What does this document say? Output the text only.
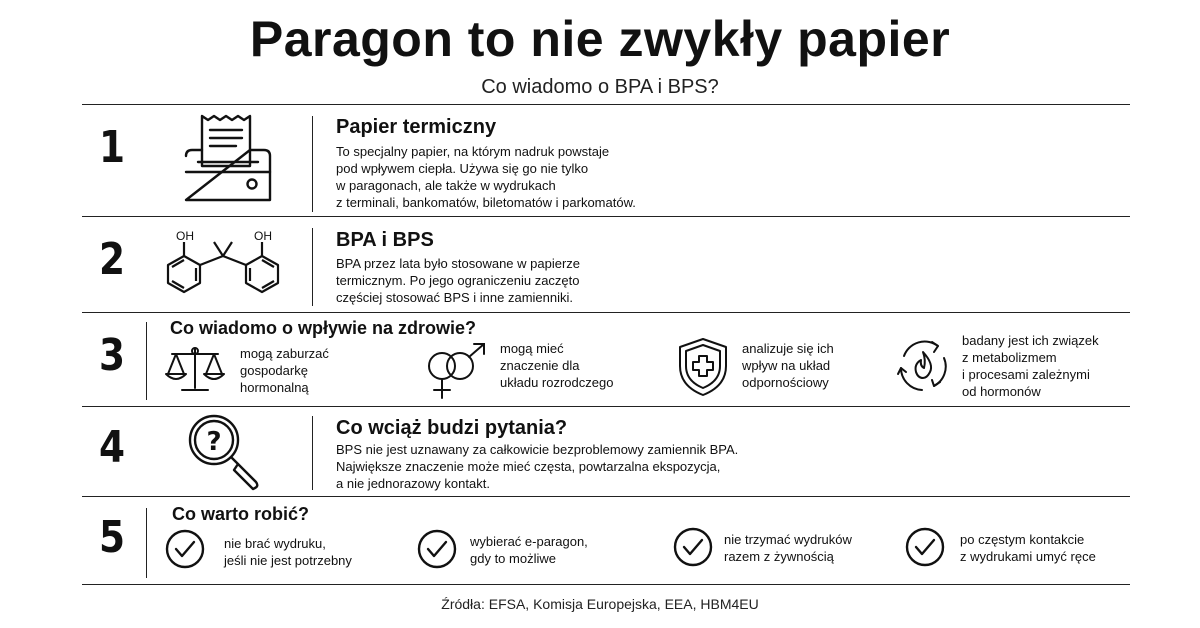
Paragon to nie zwykły papier
Co wiadomo o BPA i BPS?
1	Papier termiczny
To specjalny papier, na którym nadruk powstaje
pod wpływem ciepła. Używa się go nie tylko
w paragonach, ale także w wydrukach
z terminali, bankomatów, biletomatów i parkomatów.
2	OH	OH	BPA i BPS
BPA przez lata było stosowane w papierze
termicznym. Po jego ograniczeniu zaczęto
częściej stosować BPS i inne zamienniki.
3
Co wiadomo o wpływie na zdrowie?
mogą zaburzać
gospodarkę
hormonalną
mogą mieć
znaczenie dla
układu rozrodczego
analizuje się ich
wpływ na układ
odpornościowy
badany jest ich związek
z metabolizmem
i procesami zależnymi
od hormonów
4	?	Co wciąż budzi pytania?
BPS nie jest uznawany za całkowicie bezproblemowy zamiennik BPA.
Największe znaczenie może mieć częsta, powtarzalna ekspozycja,
a nie jednorazowy kontakt.
5	Co warto robić?
nie brać wydruku,
jeśli nie jest potrzebny
wybierać e-paragon,
gdy to możliwe
nie trzymać wydruków
razem z żywnością
po częstym kontakcie
z wydrukami umyć ręce
Źródła: EFSA, Komisja Europejska, EEA, HBM4EU
